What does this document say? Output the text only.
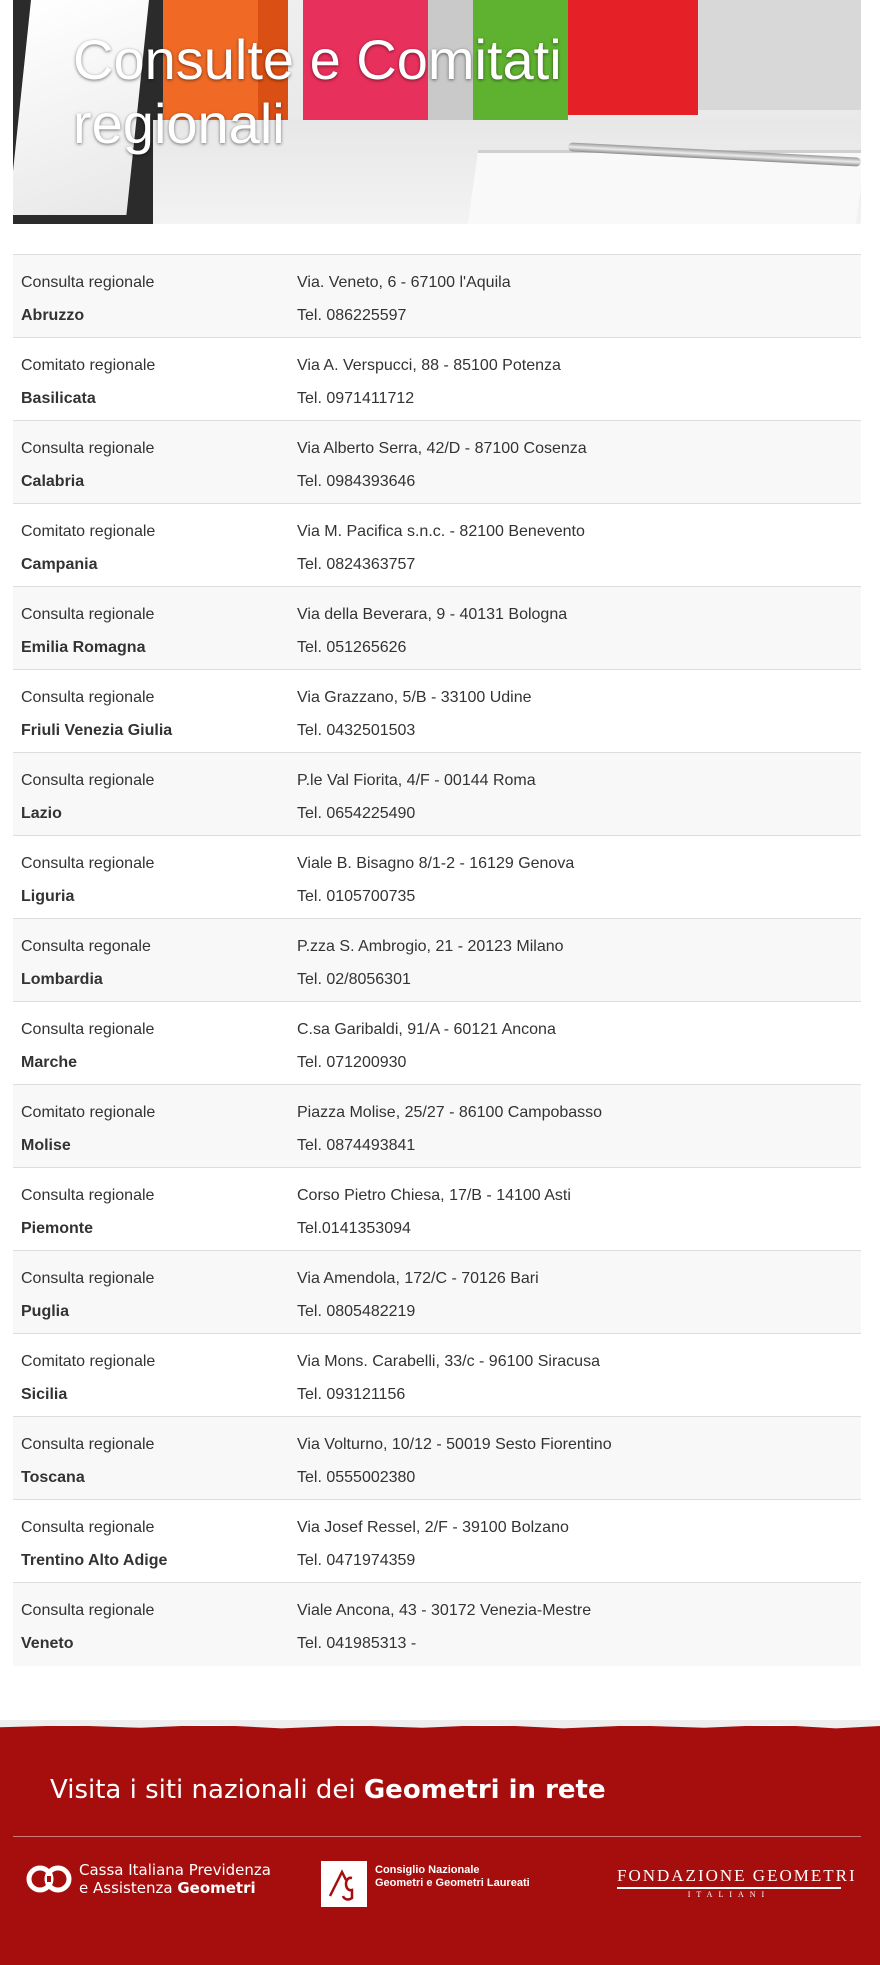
Consulte e Comitati regionali
Consulta regionale
Abruzzo	Via. Veneto, 6 - 67100 l'Aquila
Tel. 086225597

Comitato regionale
Basilicata	Via A. Verspucci, 88 - 85100 Potenza
Tel. 0971411712

Consulta regionale
Calabria	Via Alberto Serra, 42/D - 87100 Cosenza
Tel. 0984393646

Comitato regionale
Campania	Via M. Pacifica s.n.c. - 82100 Benevento
Tel. 0824363757

Consulta regionale
Emilia Romagna	Via della Beverara, 9 - 40131 Bologna
Tel. 051265626

Consulta regionale
Friuli Venezia Giulia	Via Grazzano, 5/B - 33100 Udine
Tel. 0432501503

Consulta regionale
Lazio	P.le Val Fiorita, 4/F - 00144 Roma
Tel. 0654225490

Consulta regionale
Liguria	Viale B. Bisagno 8/1-2 - 16129 Genova
Tel. 0105700735

Consulta regonale
Lombardia	P.zza S. Ambrogio, 21 - 20123 Milano
Tel. 02/8056301

Consulta regionale
Marche	C.sa Garibaldi, 91/A - 60121 Ancona
Tel. 071200930

Comitato regionale
Molise	Piazza Molise, 25/27 - 86100 Campobasso
Tel. 0874493841

Consulta regionale
Piemonte	Corso Pietro Chiesa, 17/B - 14100 Asti
Tel.0141353094

Consulta regionale
Puglia	Via Amendola, 172/C - 70126 Bari
Tel. 0805482219

Comitato regionale
Sicilia	Via Mons. Carabelli, 33/c - 96100 Siracusa
Tel. 093121156

Consulta regionale
Toscana	Via Volturno, 10/12 - 50019 Sesto Fiorentino
Tel. 0555002380

Consulta regionale
Trentino Alto Adige	Via Josef Ressel, 2/F - 39100 Bolzano
Tel. 0471974359

Consulta regionale
Veneto	Viale Ancona, 43 - 30172 Venezia-Mestre
Tel. 041985313 -
Visita i siti nazionali dei Geometri in rete
Cassa Italiana Previdenza
e Assistenza Geometri
Consiglio Nazionale
Geometri e Geometri Laureati	FONDAZIONE GEOMETRI
ITALIANI
